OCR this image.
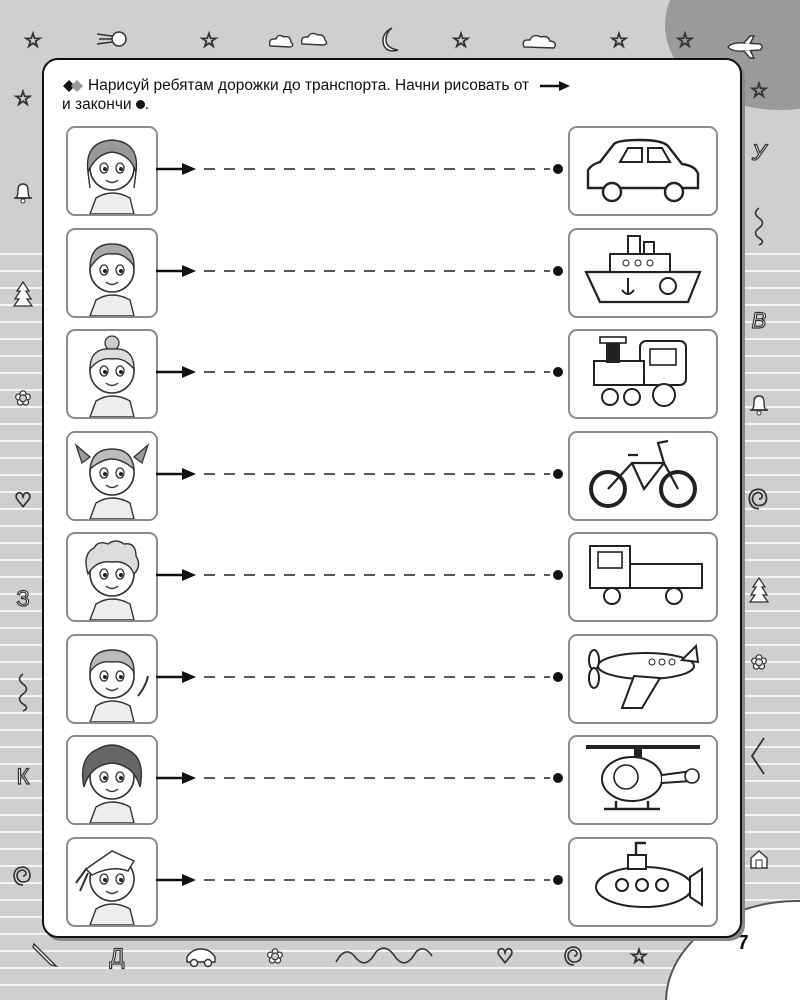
7
☆	☆	☆	☆ ☆
☆
✿
♡
З
К
☆
У
В
✿
Д	✿	♡	☆
Нарисуй ребятам дорожки до транспорта. Начни рисовать от
и закончи .
